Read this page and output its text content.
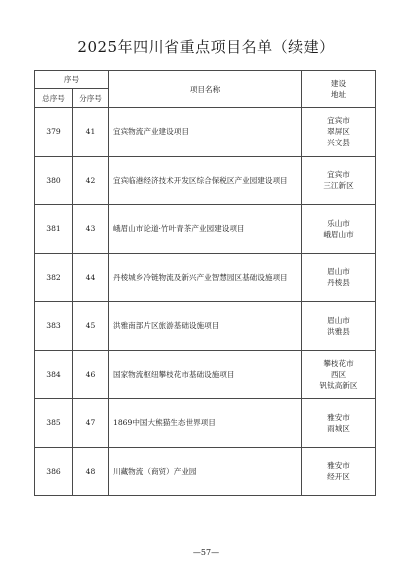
2025年四川省重点项目名单（续建）
序号		项目名称	建设地址
总序号	分序号		
379	41	宜宾物流产业建设项目	宜宾市
翠屏区
兴文县

380	42	宜宾临港经济技术开发区综合保税区产业园建设项目	宜宾市
三江新区

381	43	峨眉山市论道·竹叶青茶产业园建设项目	乐山市
峨眉山市

382	44	丹棱城乡冷链物流及新兴产业智慧园区基础设施项目	眉山市
丹棱县

383	45	洪雅南部片区旅游基础设施项目	眉山市
洪雅县

384	46	国家物流枢纽攀枝花市基础设施项目	攀枝花市
西区
钒钛高新区

385	47	1869中国大熊猫生态世界项目	雅安市
雨城区

386	48	川藏物流（商贸）产业园	雅安市
经开区
—57—
